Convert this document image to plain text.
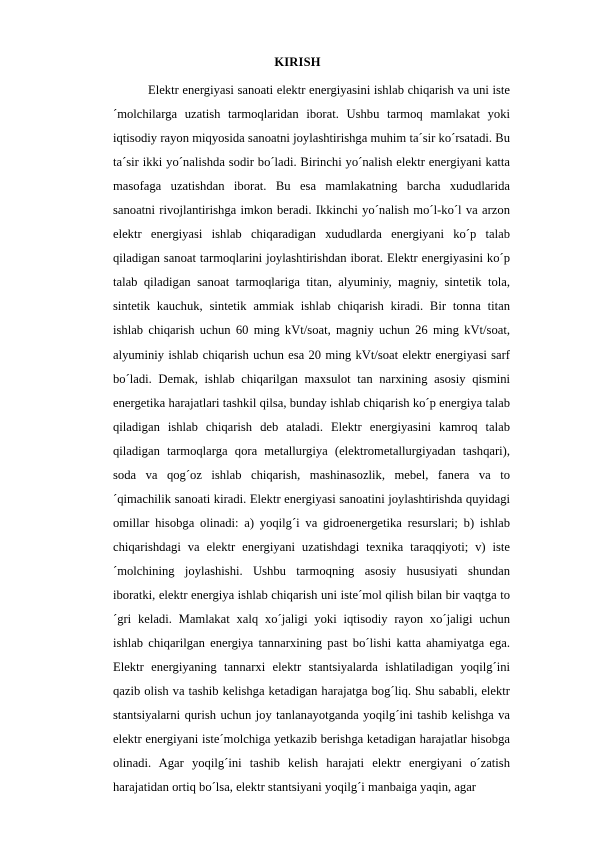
KIRISH

Elektr energiyasi sanoati elektr energiyasini ishlab chiqarish va uni iste´molchilarga uzatish tarmoqlaridan iborat. Ushbu tarmoq mamlakat yoki iqtisodiy rayon miqyosida sanoatni joylashtirishga muhim ta´sir ko´rsatadi. Bu ta´sir ikki yo´nalishda sodir bo´ladi. Birinchi yo´nalish elektr energiyani katta masofaga uzatishdan iborat. Bu esa mamlakatning barcha xududlarida sanoatni rivojlantirishga imkon beradi. Ikkinchi yo´nalish mo´l-ko´l va arzon elektr energiyasi ishlab chiqaradigan xududlarda energiyani ko´p talab qiladigan sanoat tarmoqlarini joylashtirishdan iborat. Elektr energiyasini ko´p talab qiladigan sanoat tarmoqlariga titan, alyuminiy, magniy, sintetik tola, sintetik kauchuk, sintetik ammiak ishlab chiqarish kiradi. Bir tonna titan ishlab chiqarish uchun 60 ming kVt/soat, magniy uchun 26 ming kVt/soat, alyuminiy ishlab chiqarish uchun esa 20 ming kVt/soat elektr energiyasi sarf bo´ladi. Demak, ishlab chiqarilgan maxsulot tan narxining asosiy qismini energetika harajatlari tashkil qilsa, bunday ishlab chiqarish ko´p energiya talab qiladigan ishlab chiqarish deb ataladi. Elektr energiyasini kamroq talab qiladigan tarmoqlarga qora metallurgiya (elektrometallurgiyadan tashqari), soda va qog´oz ishlab chiqarish, mashinasozlik, mebel, fanera va to´qimachilik sanoati kiradi. Elektr energiyasi sanoatini joylashtirishda quyidagi omillar hisobga olinadi: a) yoqilg´i va gidroenergetika resurslari; b) ishlab chiqarishdagi va elektr energiyani uzatishdagi texnika taraqqiyoti; v) iste´molchining joylashishi. Ushbu tarmoqning asosiy hususiyati shundan iboratki, elektr energiya ishlab chiqarish uni iste´mol qilish bilan bir vaqtga to´gri keladi. Mamlakat xalq xo´jaligi yoki iqtisodiy rayon xo´jaligi uchun ishlab chiqarilgan energiya tannarxining past bo´lishi katta ahamiyatga ega. Elektr energiyaning tannarxi elektr stantsiyalarda ishlatiladigan yoqilg´ini qazib olish va tashib kelishga ketadigan harajatga bog´liq. Shu sababli, elektr stantsiyalarni qurish uchun joy tanlanayotganda yoqilg´ini tashib kelishga va elektr energiyani iste´molchiga yetkazib berishga ketadigan harajatlar hisobga olinadi. Agar yoqilg´ini tashib kelish harajati elektr energiyani o´zatish harajatidan ortiq bo´lsa, elektr stantsiyani yoqilg´i manbaiga yaqin, agar
